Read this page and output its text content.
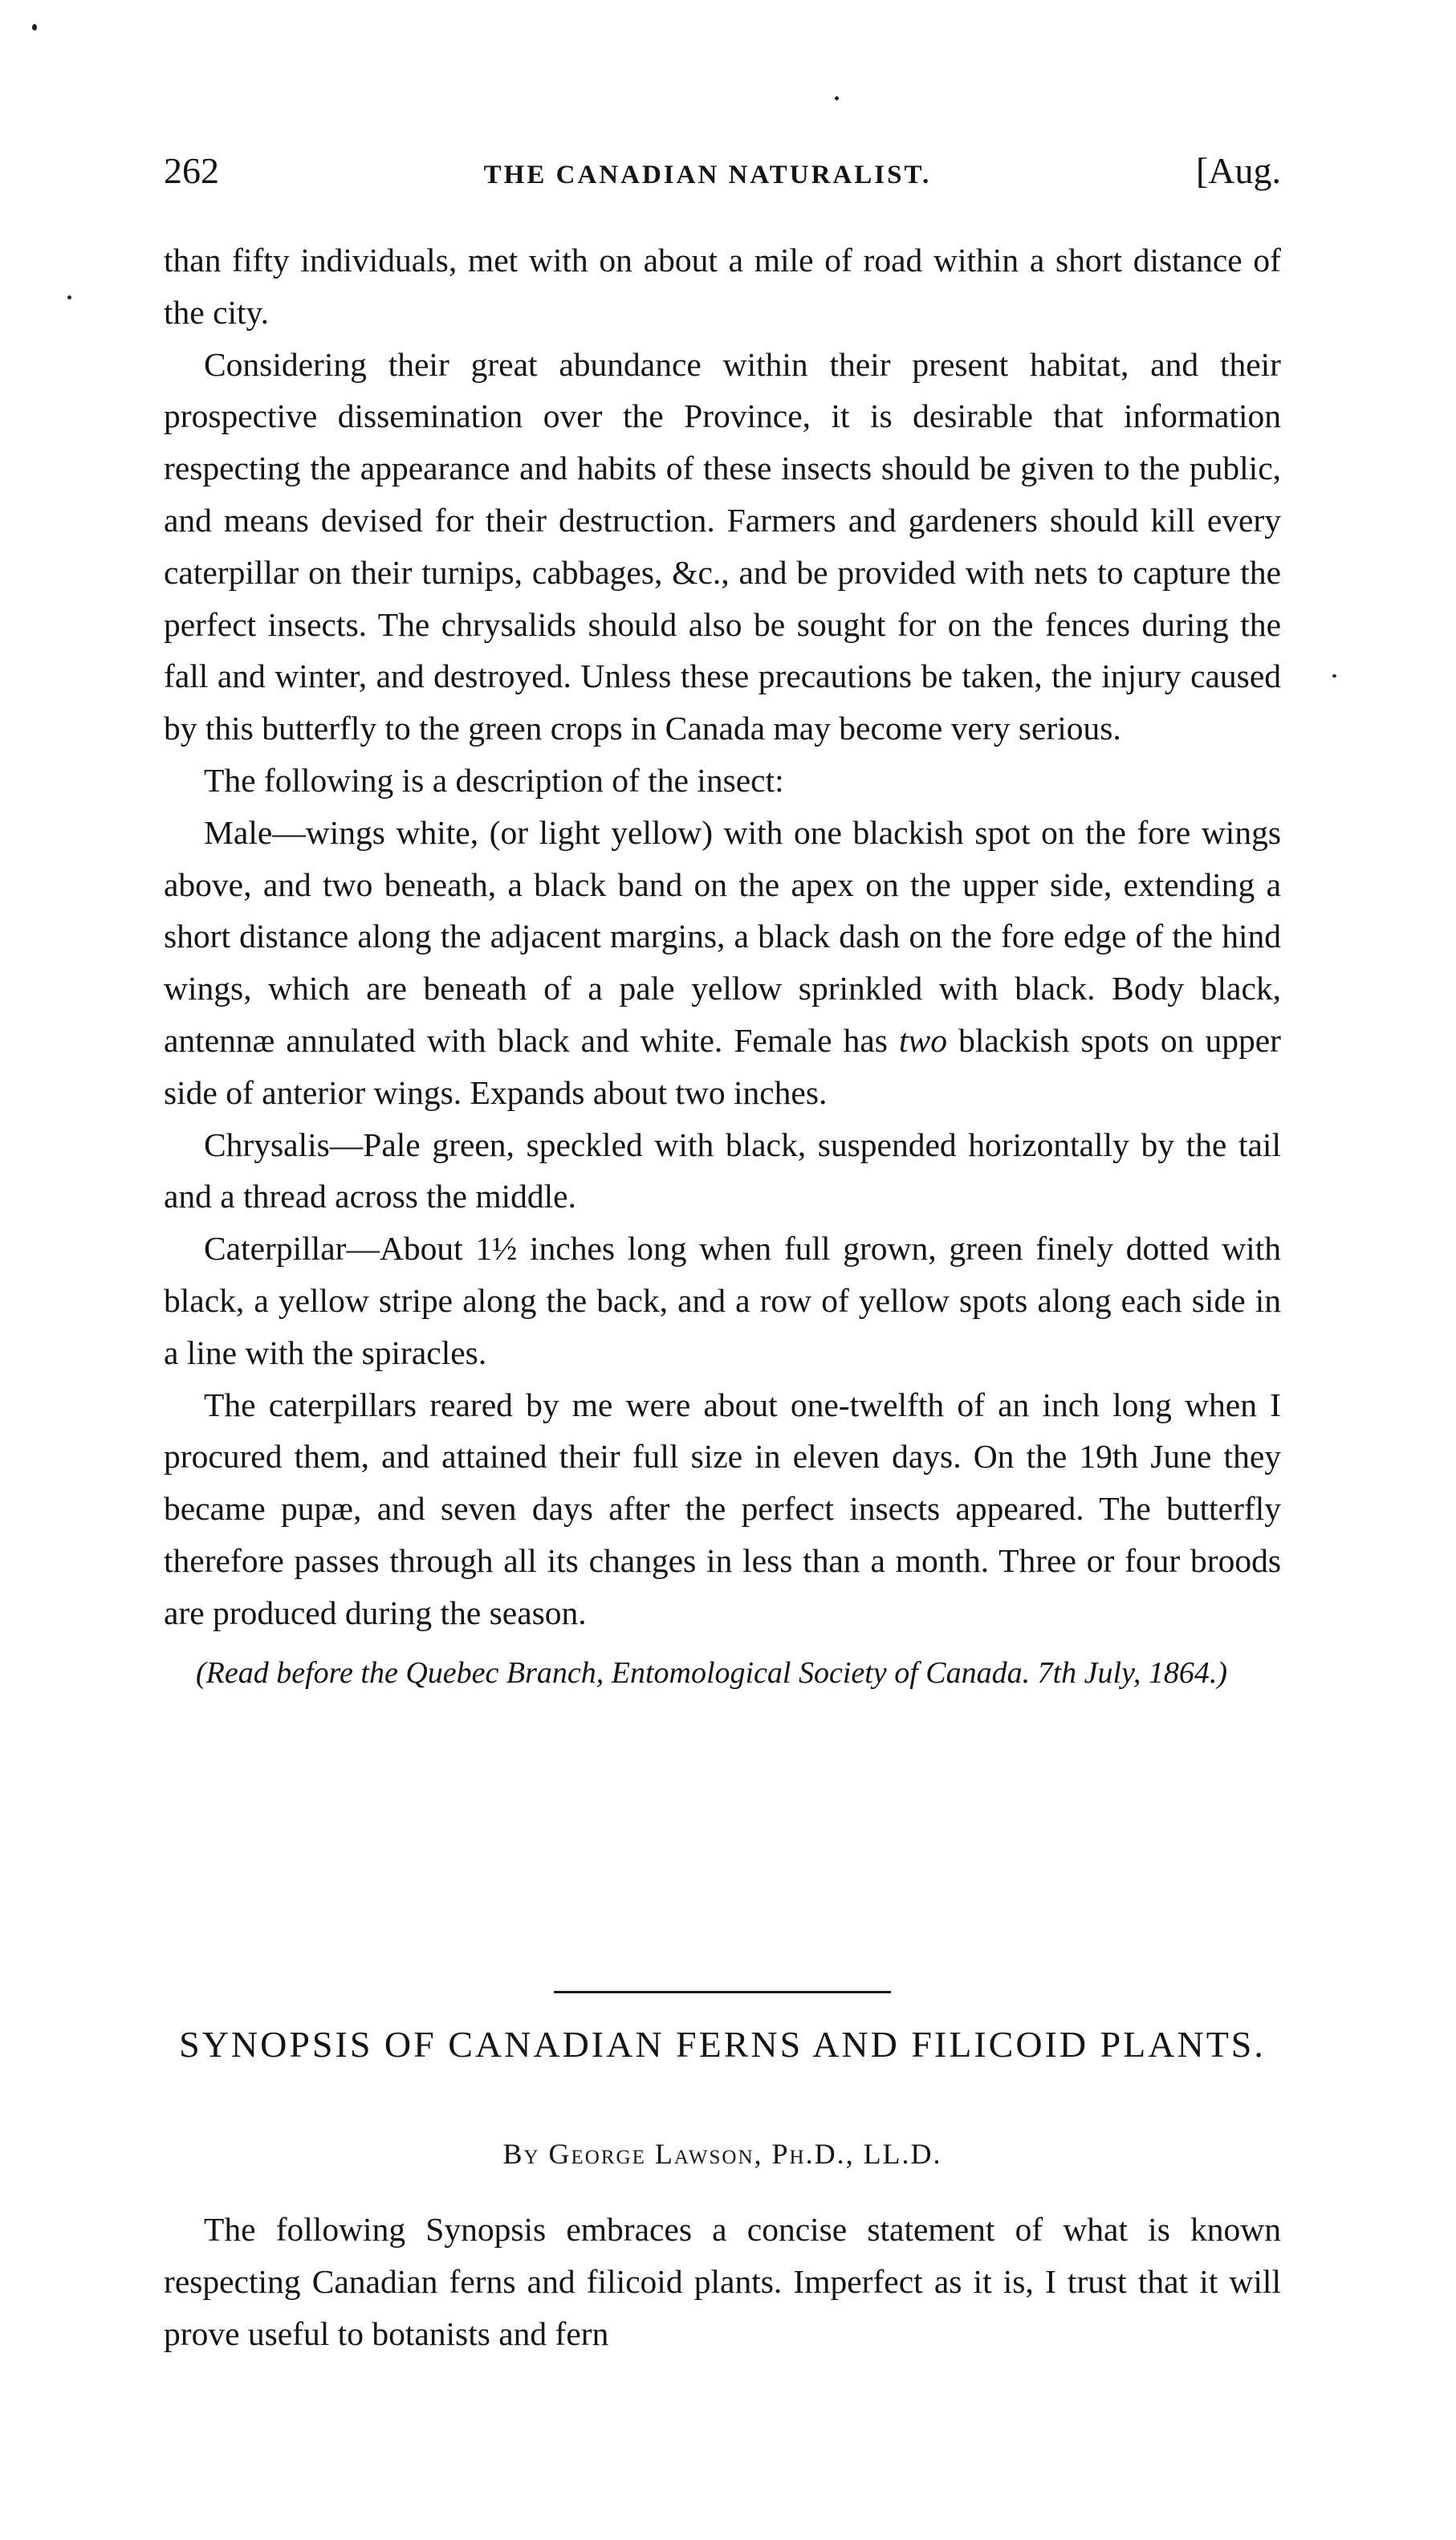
262	THE CANADIAN NATURALIST.	[Aug.

than fifty individuals, met with on about a mile of road within a short distance of the city.

Considering their great abundance within their present habitat, and their prospective dissemination over the Province, it is desirable that information respecting the appearance and habits of these insects should be given to the public, and means devised for their destruction. Farmers and gardeners should kill every caterpillar on their turnips, cabbages, &c., and be provided with nets to capture the perfect insects. The chrysalids should also be sought for on the fences during the fall and winter, and destroyed. Unless these precautions be taken, the injury caused by this butterfly to the green crops in Canada may become very serious.

The following is a description of the insect:

Male—wings white, (or light yellow) with one blackish spot on the fore wings above, and two beneath, a black band on the apex on the upper side, extending a short distance along the adjacent margins, a black dash on the fore edge of the hind wings, which are beneath of a pale yellow sprinkled with black. Body black, antennæ annulated with black and white. Female has two blackish spots on upper side of anterior wings. Expands about two inches.

Chrysalis—Pale green, speckled with black, suspended horizontally by the tail and a thread across the middle.

Caterpillar—About 1½ inches long when full grown, green finely dotted with black, a yellow stripe along the back, and a row of yellow spots along each side in a line with the spiracles.

The caterpillars reared by me were about one-twelfth of an inch long when I procured them, and attained their full size in eleven days. On the 19th June they became pupæ, and seven days after the perfect insects appeared. The butterfly therefore passes through all its changes in less than a month. Three or four broods are produced during the season.

(Read before the Quebec Branch, Entomological Society of Canada. 7th July, 1864.)

SYNOPSIS OF CANADIAN FERNS AND FILICOID PLANTS.
By George Lawson, Ph.D., LL.D.

The following Synopsis embraces a concise statement of what is known respecting Canadian ferns and filicoid plants. Imperfect as it is, I trust that it will prove useful to botanists and fern
